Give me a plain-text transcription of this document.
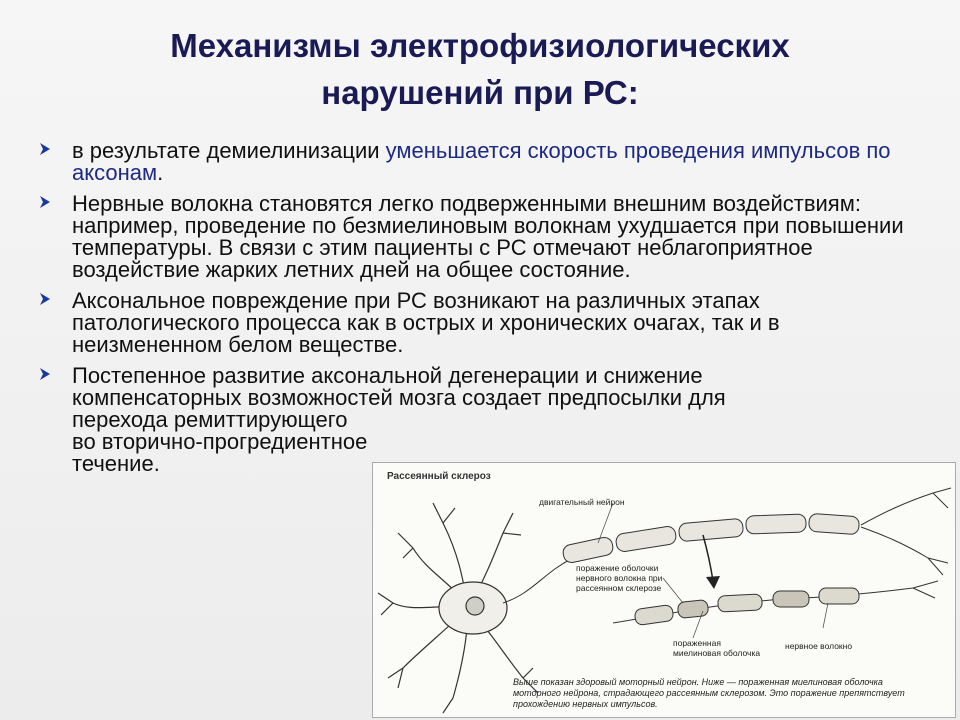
Механизмы электрофизиологических
нарушений при РС:
в результате демиелинизации уменьшается скорость проведения импульсов по аксонам.
Нервные волокна становятся легко подверженными внешним воздействиям: например, проведение по безмиелиновым волокнам ухудшается при повышении температуры. В связи с этим пациенты с РС отмечают неблагоприятное воздействие жарких летних дней на общее состояние.
Аксональное повреждение при РС возникают на различных этапах патологического процесса как в острых и хронических очагах, так и в неизмененном белом веществе.
Постепенное развитие аксональной дегенерации и снижение
компенсаторных возможностей мозга создает предпосылки для
перехода ремиттирующего
во вторично-прогредиентное
течение.
Рассеянный склероз
двигательный нейрон
поражение оболочки
нервного волокна при
рассеянном склерозе
пораженная
миелиновая оболочка
нервное волокно
Выше показан здоровый моторный нейрон. Ниже — пораженная миелиновая оболочка моторного нейрона, страдающего рассеянным склерозом. Это поражение препятствует прохождению нервных импульсов.
